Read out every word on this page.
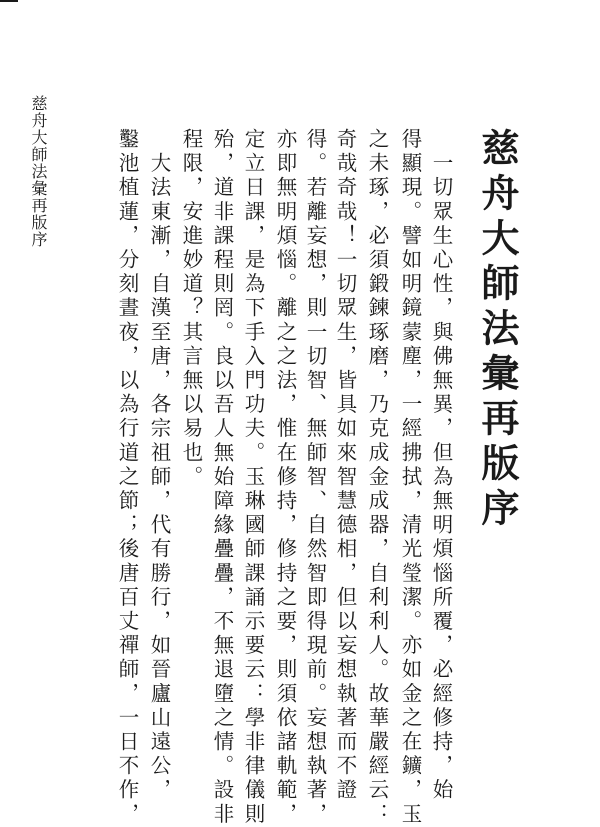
慈舟大師法彙再版序
　一切眾生心性，與佛無異，但為無明煩惱所覆，必經修持，始
得顯現。譬如明鏡蒙塵，一經拂拭，清光瑩潔。亦如金之在鑛，玉
之未琢，必須鍛鍊琢磨，乃克成金成器，自利利人。故華嚴經云：
奇哉奇哉！一切眾生，皆具如來智慧德相，但以妄想執著而不證
得。若離妄想，則一切智、無師智、自然智即得現前。妄想執著，
亦即無明煩惱。離之之法，惟在修持，修持之要，則須依諸軌範，
定立日課，是為下手入門功夫。玉琳國師課誦示要云：學非律儀則
殆，道非課程則罔。良以吾人無始障緣疊疊，不無退墮之情。設非
程限，安進妙道？其言無以易也。
　大法東漸，自漢至唐，各宗祖師，代有勝行，如晉廬山遠公，
鑿池植蓮，分刻晝夜，以為行道之節；後唐百丈禪師，一日不作，
慈舟大師法彙再版序
